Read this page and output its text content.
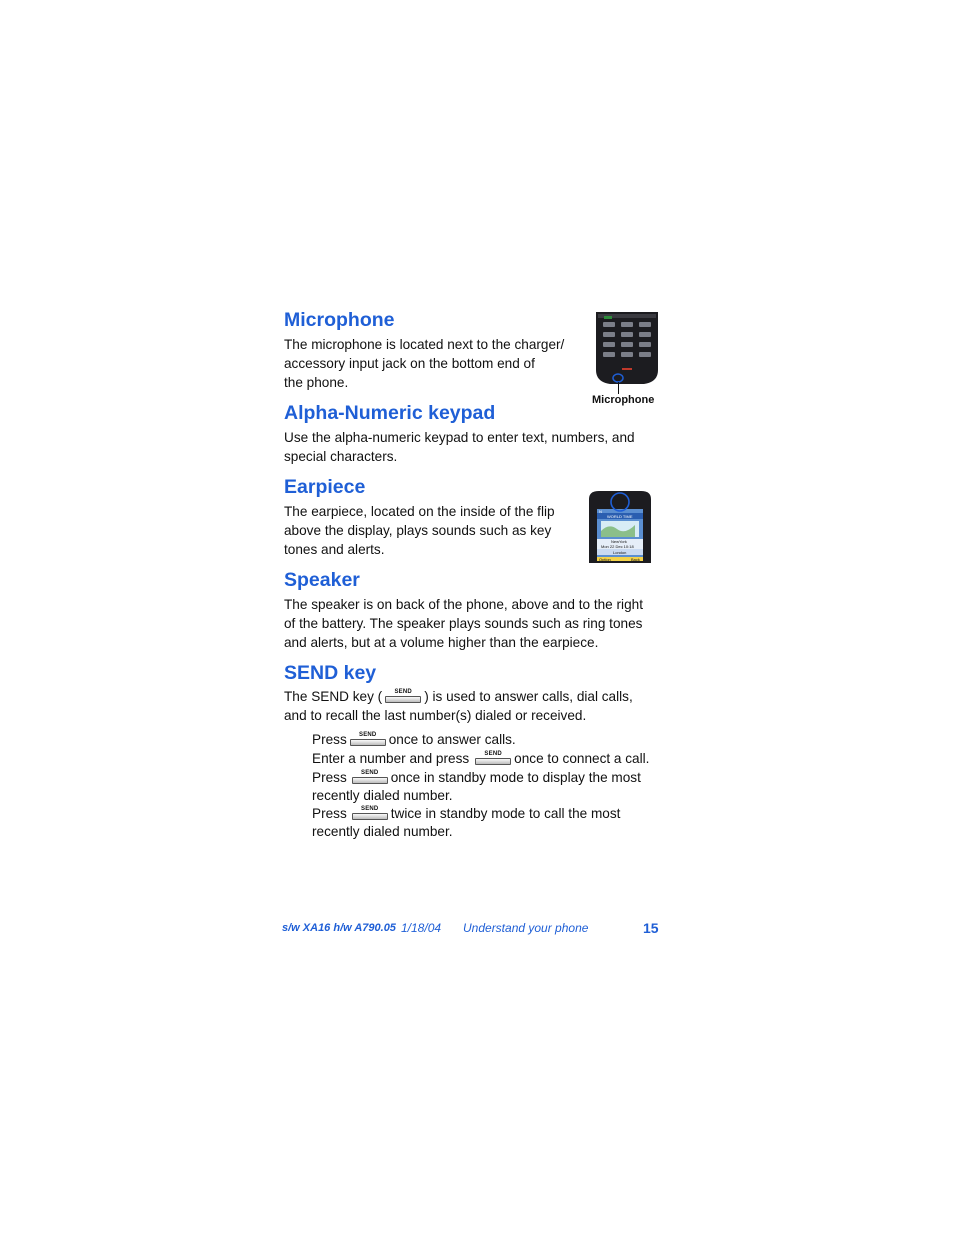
Microphone
The microphone is located next to the charger/
accessory input jack on the bottom end of
the phone.
Microphone
Alpha-Numeric keypad
Use the alpha-numeric keypad to enter text, numbers, and
special characters.
Earpiece
The earpiece, located on the inside of the flip
above the display, plays sounds such as key
tones and alerts.
N
WORLD TIME
NewYork
Mon 22 Dec 10:18
London
Option	Back
Speaker
The speaker is on back of the phone, above and to the right
of the battery. The speaker plays sounds such as ring tones
and alerts, but at a volume higher than the earpiece.
SEND key
The SEND key (	SEND ) is used to answer calls, dial calls,
and to recall the last number(s) dialed or received.
Press	SEND once to answer calls.
Enter a number and press	SEND once to connect a call.
Press	SEND once in standby mode to display the most
recently dialed number.
Press	SEND twice in standby mode to call the most
recently dialed number.
s/w XA16 h/w A790.05 1/18/04 Understand your phone	15
